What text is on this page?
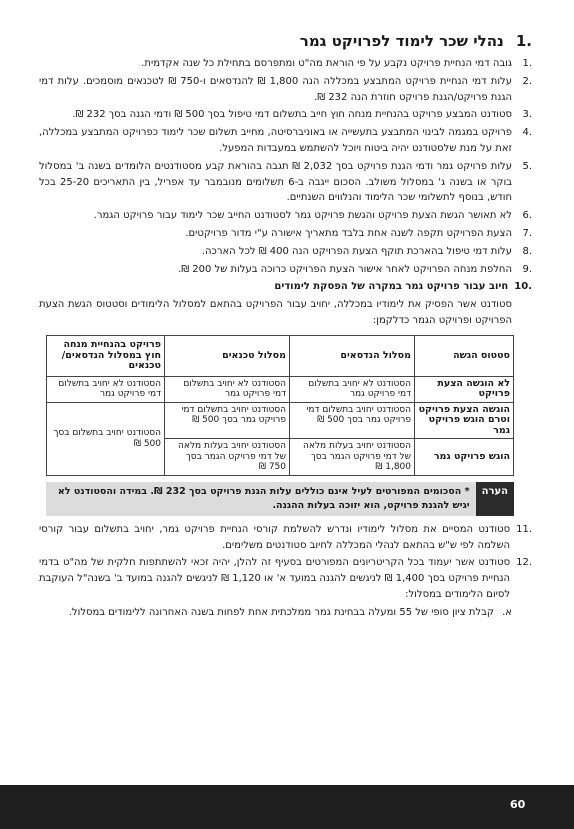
.1
נהלי שכר לימוד לפרויקט גמר
.1
גובה דמי הנחיית פרויקט נקבע על פי הוראת מה"ט ומתפרסם בתחילת כל שנה אקדמית.
.2
עלות דמי הנחיית פרויקט המתבצע במכללה הנה 1,800 ₪ להנדסאים ו-750 ₪ לטכנאים מוסמכים. עלות דמי הגנת פרויקט/הגנת פרויקט חוזרת הנה 232 ₪.
.3
סטודנט המבצע פרויקט בהנחיית מנחה חוץ חייב בתשלום דמי טיפול בסך 500 ₪ ודמי הגנה בסך 232 ₪.
.4
פרויקט במגמה לבינוי המתבצע בתעשייה או באוניברסיטה, מחייב תשלום שכר לימוד כפרויקט המתבצע במכללה, זאת על מנת שלסטודנט יהיה ביטוח ויוכל להשתמש במעבדות המפעל.
.5
עלות פרויקט גמר ודמי הגנת פרויקט בסך 2,032 ₪ תגבה בהוראת קבע מסטודנטים הלומדים בשנה ב' במסלול בוקר או בשנה ג' במסלול משולב. הסכום ייגבה ב-6 תשלומים מנובמבר עד אפריל, בין התאריכים 25-20 בכל חודש, בנוסף לתשלומי שכר הלימוד והנלווים השנתיים.
.6
לא תאושר הגשת הצעת פרויקט והגשת פרויקט גמר לסטודנט החייב שכר לימוד עבור פרויקט הגמר.
.7
הצעת הפרויקט תקפה לשנה אחת בלבד מתאריך אישורה ע"י מדור פרויקטים.
.8
עלות דמי טיפול בהארכת תוקף הצעת הפרויקט הנה 400 ₪ לכל הארכה.
.9
החלפת מנחה הפרויקט לאחר אישור הצעת הפרויקט כרוכה בעלות של 200 ₪.
.10
חיוב עבור פרויקט גמר במקרה של הפסקת לימודים
סטודנט אשר הפסיק את לימודיו במכללה, יחויב עבור הפרויקט בהתאם למסלול הלימודים וסטטוס הגשת הצעת הפרויקט ופרויקט הגמר כדלקמן:
סטטוס הגשה	מסלול הנדסאים	מסלול טכנאים	פרויקט בהנחיית מנחה חוץ במסלול הנדסאים/ טכנאים
לא הוגשה הצעת פרויקט	הסטודנט לא יחויב בתשלום דמי פרויקט גמר	הסטודנט לא יחויב בתשלום דמי פרויקט גמר	הסטודנט לא יחויב בתשלום דמי פרויקט גמר
הוגשה הצעת פרויקט וטרם הוגש פרויקט גמר	הסטודנט יחויב בתשלום דמי פרויקט גמר בסך 500 ₪	הסטודנט יחויב בתשלום דמי פרויקט גמר בסך 500 ₪	הסטודנט יחויב בתשלום בסך 500 ₪
הוגש פרויקט גמר	הסטודנט יחויב בעלות מלאה של דמי פרויקט הגמר בסך 1,800 ₪	הסטודנט יחויב בעלות מלאה של דמי פרויקט הגמר בסך 750 ₪	
הערה
* הסכומים המפורטים לעיל אינם כוללים עלות הגנת פרויקט בסך 232 ₪. במידה והסטודנט לא יגיש להגנת פרויקט, הוא יזוכה בעלות ההגנה.
.11
סטודנט המסיים את מסלול לימודיו ונדרש להשלמת קורסי הנחיית פרויקט גמר, יחויב בתשלום עבור קורסי השלמה לפי ש"ש בהתאם לנהלי המכללה לחיוב סטודנטים משלימים.
.12
סטודנט אשר יעמוד בכל הקריטריונים המפורטים בסעיף זה להלן, יהיה זכאי להשתתפות חלקית של מה"ט בדמי הנחיית פרויקט בסך 1,400 ₪ לניגשים להגנה במועד א' או 1,120 ₪ לניגשים להגנה במועד ב' בשנה"ל העוקבת לסיום הלימודים במסלול:
א.
קבלת ציון סופי של 55 ומעלה בבחינת גמר ממלכתית אחת לפחות בשנה האחרונה ללימודים במסלול.
60
